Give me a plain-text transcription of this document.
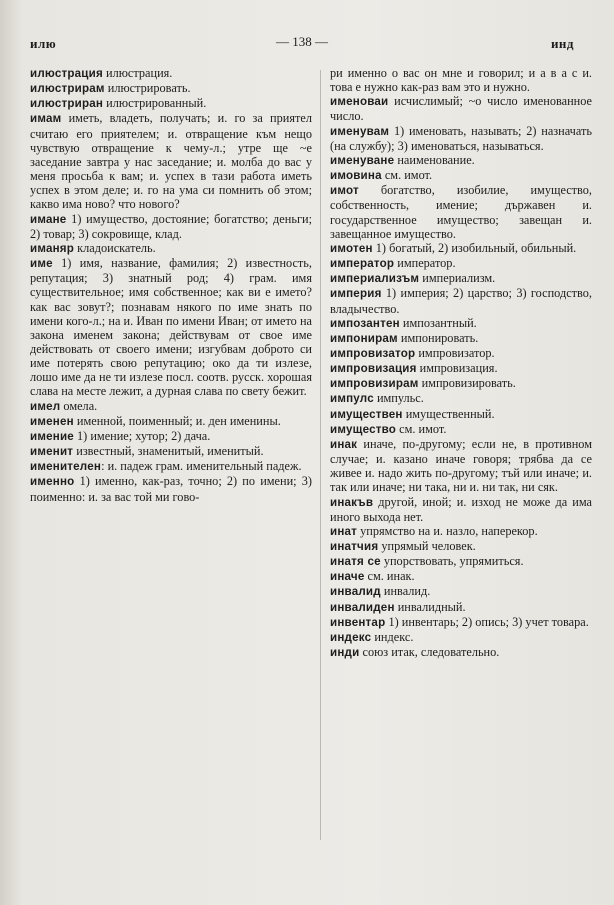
илю	— 138 —	инд
илюстрация илюстрация.
илюстрирам илюстрировать.
илюстриран илюстрированный.
имам иметь, владеть, получать; и. го за приятел считаю его приятелем; и. отвращение към нещо чувствую отвращение к чему-л.; утре ще ~е заседание завтра у нас заседание; и. молба до вас у меня просьба к вам; и. успех в тази работа иметь успех в этом деле; и. го на ума си помнить об этом; какво има ново? что нового?
имане 1) имущество, достояние; богатство; деньги; 2) товар; 3) сокровище, клад.
иманяр кладоискатель.
име 1) имя, название, фамилия; 2) известность, репутация; 3) знатный род; 4) грам. имя существительное; имя собственное; как ви е името? как вас зовут?; познавам някого по име знать по имени кого-л.; на и. Иван по имени Иван; от името на закона именем закона; действувам от свое име действовать от своего имени; изгубвам доброто си име потерять свою репутацию; око да ти излезе, лошо име да не ти излезе посл. соотв. русск. хорошая слава на месте лежит, а дурная слава по свету бежит.
имел омела.
именен именной, поименный; и. ден именины.
имение 1) имение; хутор; 2) дача.
именит известный, знаменитый, именитый.
именителен: и. падеж грам. именительный падеж.
именно 1) именно, как-раз, точно; 2) по имени; 3) поименно: и. за вас той ми гово-
ри именно о вас он мне и говорил; и а в а с и. това е нужно как-раз вам это и нужно.
именоваи исчислимый; ~о число именованное число.
именувам 1) именовать, называть; 2) назначать (на службу); 3) именоваться, называться.
именуване наименование.
имовина см. имот.
имот богатство, изобилие, имущество, собственность, имение; държавен и. государственное имущество; завещан и. завещанное имущество.
имотен 1) богатый, 2) изобильный, обильный.
император император.
империализъм империализм.
империя 1) империя; 2) царство; 3) господство, владычество.
импозантен импозантный.
импонирам импонировать.
импровизатор импровизатор.
импровизация импровизация.
импровизирам импровизировать.
импулс импульс.
имуществен имущественный.
имущество см. имот.
инак иначе, по-другому; если не, в противном случае; и. казано иначе говоря; трябва да се живее и. надо жить по-другому; тъй или иначе; и. так или иначе; ни така, ни и. ни так, ни сяк.
инакъв другой, иной; и. изход не може да има иного выхода нет.
инат упрямство на и. назло, наперекор.
инатчия упрямый человек.
инатя се упорствовать, упрямиться.
иначе см. инак.
инвалид инвалид.
инвалиден инвалидный.
инвентар 1) инвентарь; 2) опись; 3) учет товара.
индекс индекс.
инди союз итак, следовательно.
